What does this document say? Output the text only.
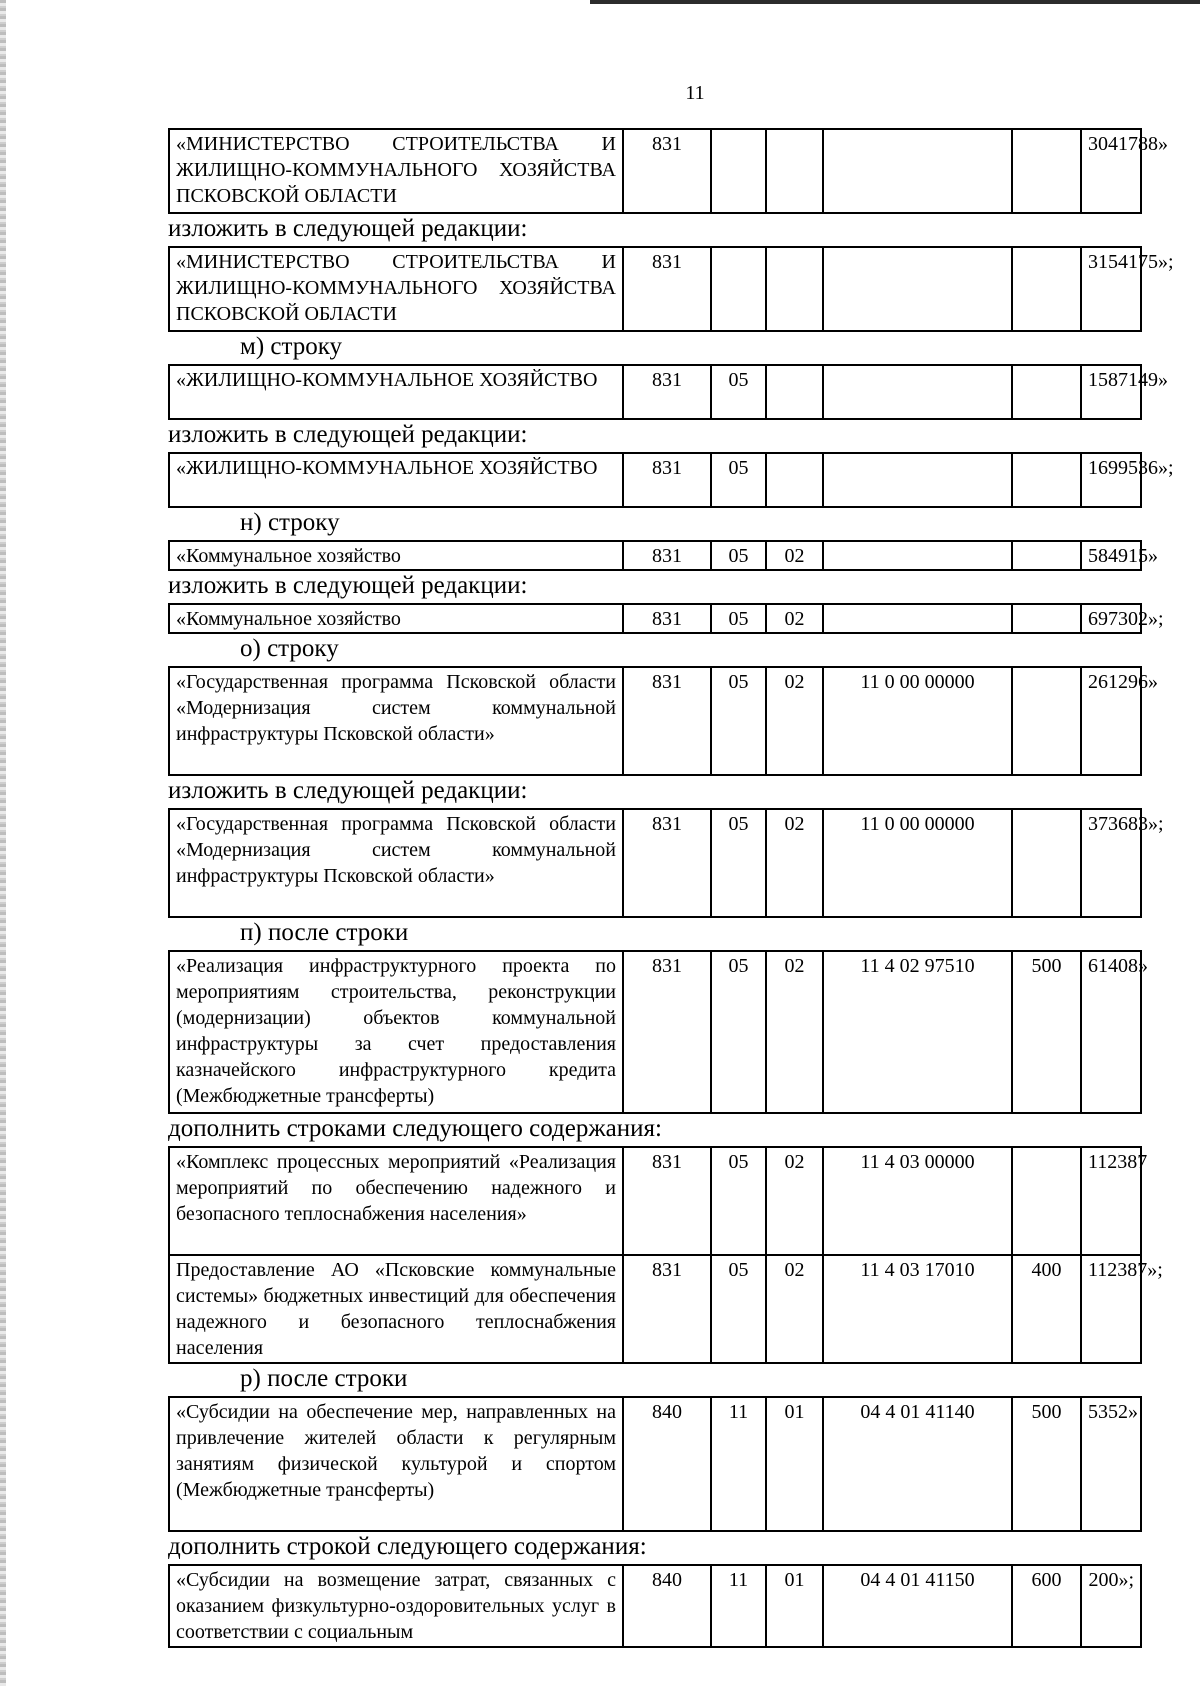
11
«МИНИСТЕРСТВО СТРОИТЕЛЬСТВА И ЖИЛИЩНО-КОММУНАЛЬНОГО ХОЗЯЙСТВА ПСКОВСКОЙ ОБЛАСТИ	831					3041788»
изложить в следующей редакции:
«МИНИСТЕРСТВО СТРОИТЕЛЬСТВА И ЖИЛИЩНО-КОММУНАЛЬНОГО ХОЗЯЙСТВА ПСКОВСКОЙ ОБЛАСТИ	831					3154175»;
м) строку
«ЖИЛИЩНО-КОММУНАЛЬНОЕ ХОЗЯЙСТВО	831	05				1587149»
изложить в следующей редакции:
«ЖИЛИЩНО-КОММУНАЛЬНОЕ ХОЗЯЙСТВО	831	05				1699536»;
н) строку
«Коммунальное хозяйство	831	05	02			584915»
изложить в следующей редакции:
«Коммунальное хозяйство	831	05	02			697302»;
о) строку
«Государственная программа Псковской области «Модернизация систем коммунальной инфраструктуры Псковской области»	831	05	02	11 0 00 00000		261296»
изложить в следующей редакции:
«Государственная программа Псковской области «Модернизация систем коммунальной инфраструктуры Псковской области»	831	05	02	11 0 00 00000		373683»;
п) после строки
«Реализация инфраструктурного проекта по мероприятиям строительства, реконструкции (модернизации) объектов коммунальной инфраструктуры за счет предоставления казначейского инфраструктурного кредита (Межбюджетные трансферты)	831	05	02	11 4 02 97510	500	61408»
дополнить строками следующего содержания:
«Комплекс процессных мероприятий «Реализация мероприятий по обеспечению надежного и безопасного теплоснабжения населения»	831	05	02	11 4 03 00000		112387
Предоставление АО «Псковские коммунальные системы» бюджетных инвестиций для обеспечения надежного и безопасного теплоснабжения населения	831	05	02	11 4 03 17010	400	112387»;
р) после строки
«Субсидии на обеспечение мер, направленных на привлечение жителей области к регулярным занятиям физической культурой и спортом (Межбюджетные трансферты)	840	11	01	04 4 01 41140	500	5352»
дополнить строкой следующего содержания:
«Субсидии на возмещение затрат, связанных с оказанием физкультурно-оздоровительных услуг в соответствии с социальным	840	11	01	04 4 01 41150	600	200»;
